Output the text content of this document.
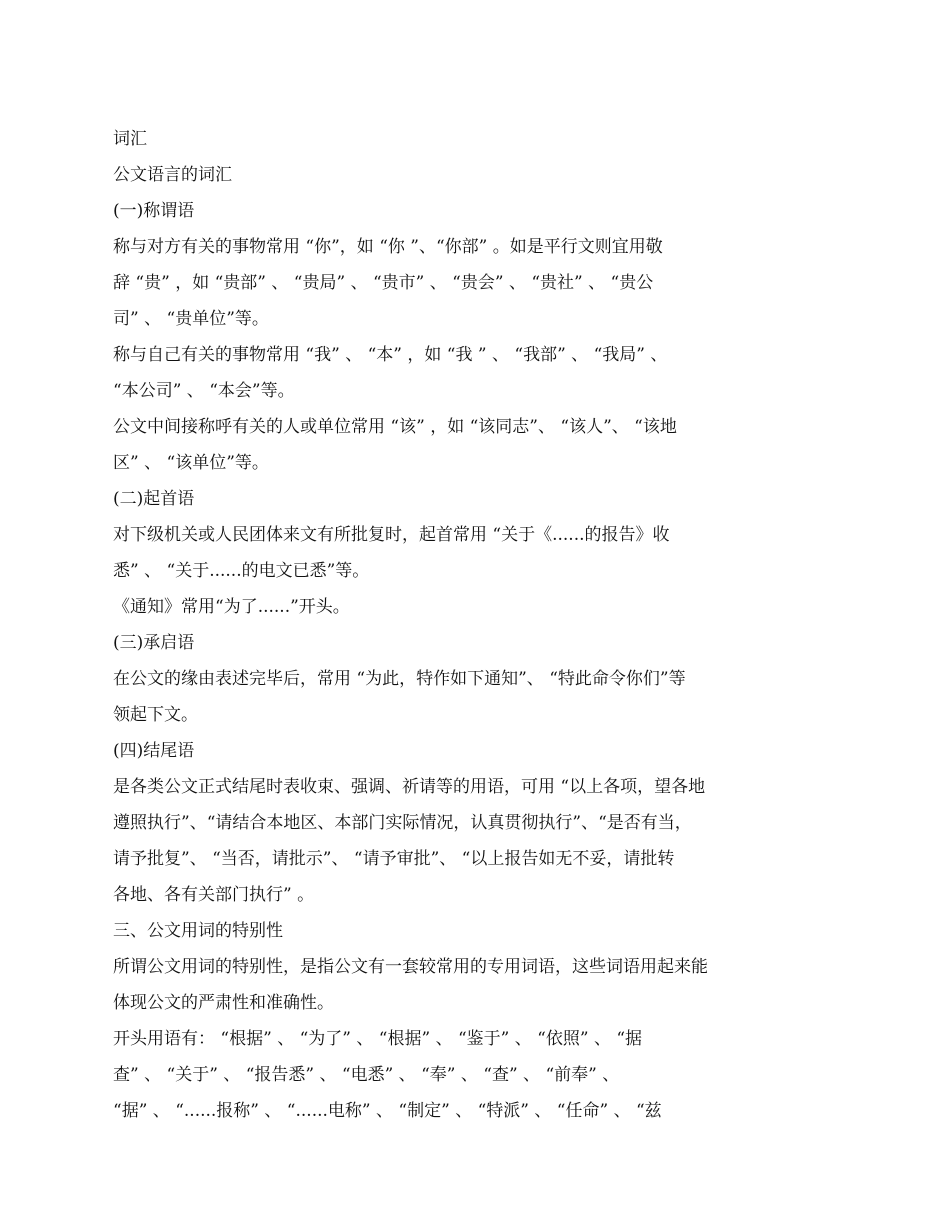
词汇

公文语言的词汇

(一)称谓语

称与对方有关的事物常用 “你”，如 “你 ”、“你部” 。如是平行文则宜用敬

辞 “贵” ，如 “贵部” 、 “贵局” 、 “贵市” 、 “贵会” 、 “贵社” 、 “贵公

司” 、 “贵单位”等。

称与自己有关的事物常用 “我” 、 “本” ，如 “我 ” 、 “我部” 、 “我局” 、

“本公司” 、 “本会”等。

公文中间接称呼有关的人或单位常用 “该” ，如 “该同志”、 “该人”、 “该地

区” 、 “该单位”等。

(二)起首语

对下级机关或人民团体来文有所批复时，起首常用 “关于《......的报告》收

悉” 、 “关于......的电文已悉”等。

《通知》常用“为了......”开头。

(三)承启语

在公文的缘由表述完毕后，常用 “为此，特作如下通知”、 “特此命令你们”等

领起下文。

(四)结尾语

是各类公文正式结尾时表收束、强调、祈请等的用语，可用 “以上各项，望各地

遵照执行”、“请结合本地区、本部门实际情况，认真贯彻执行”、“是否有当，

请予批复”、 “当否，请批示”、 “请予审批”、 “以上报告如无不妥，请批转

各地、各有关部门执行” 。

三、公文用词的特别性

所谓公文用词的特别性，是指公文有一套较常用的专用词语，这些词语用起来能

体现公文的严肃性和准确性。

开头用语有： “根据” 、 “为了” 、 “根据” 、 “鉴于” 、 “依照” 、 “据

查” 、 “关于” 、 “报告悉” 、 “电悉” 、 “奉” 、 “查” 、 “前奉” 、

“据” 、 “......报称” 、 “......电称” 、 “制定” 、 “特派” 、 “任命” 、 “兹
